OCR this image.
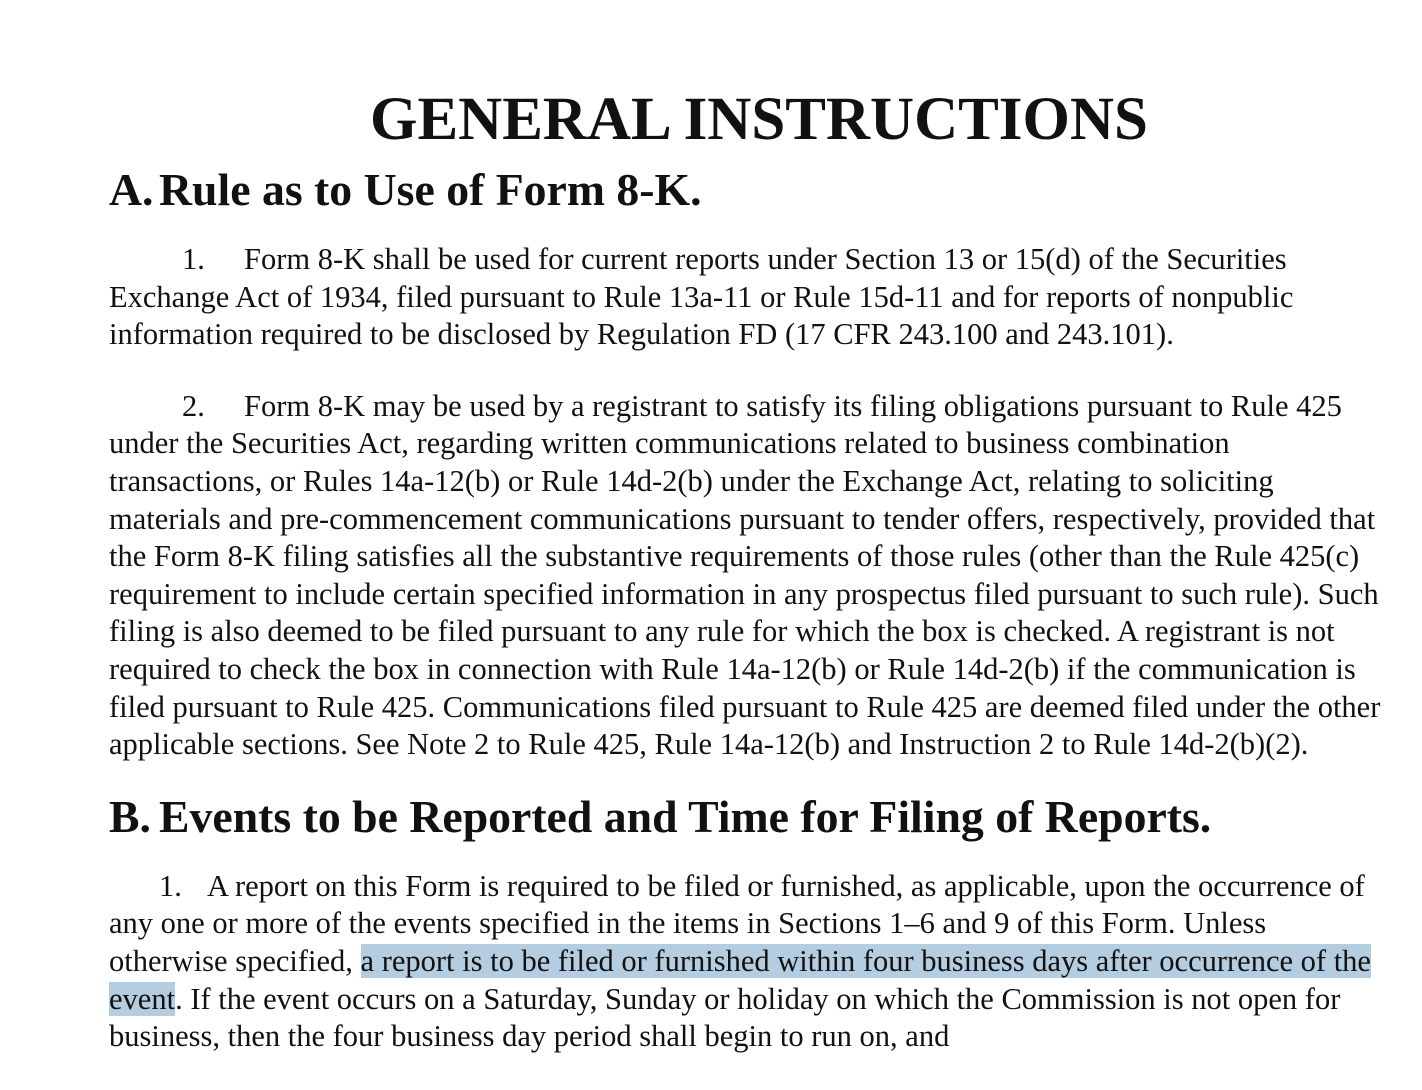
GENERAL INSTRUCTIONS
A. Rule as to Use of Form 8-K.

1. Form 8-K shall be used for current reports under Section 13 or 15(d) of the Securities Exchange Act of 1934, filed pursuant to Rule 13a-11 or Rule 15d-11 and for reports of nonpublic information required to be disclosed by Regulation FD (17 CFR 243.100 and 243.101).

2. Form 8-K may be used by a registrant to satisfy its filing obligations pursuant to Rule 425 under the Securities Act, regarding written communications related to business combination transactions, or Rules 14a-12(b) or Rule 14d-2(b) under the Exchange Act, relating to soliciting materials and pre-commencement communications pursuant to tender offers, respectively, provided that the Form 8-K filing satisfies all the substantive requirements of those rules (other than the Rule 425(c) requirement to include certain specified information in any prospectus filed pursuant to such rule). Such filing is also deemed to be filed pursuant to any rule for which the box is checked. A registrant is not required to check the box in connection with Rule 14a-12(b) or Rule 14d-2(b) if the communication is filed pursuant to Rule 425. Communications filed pursuant to Rule 425 are deemed filed under the other applicable sections. See Note 2 to Rule 425, Rule 14a-12(b) and Instruction 2 to Rule 14d-2(b)(2).

B. Events to be Reported and Time for Filing of Reports.

1. A report on this Form is required to be filed or furnished, as applicable, upon the occurrence of any one or more of the events specified in the items in Sections 1–6 and 9 of this Form. Unless otherwise specified, a report is to be filed or furnished within four business days after occurrence of the event. If the event occurs on a Saturday, Sunday or holiday on which the Commission is not open for business, then the four business day period shall begin to run on, and
